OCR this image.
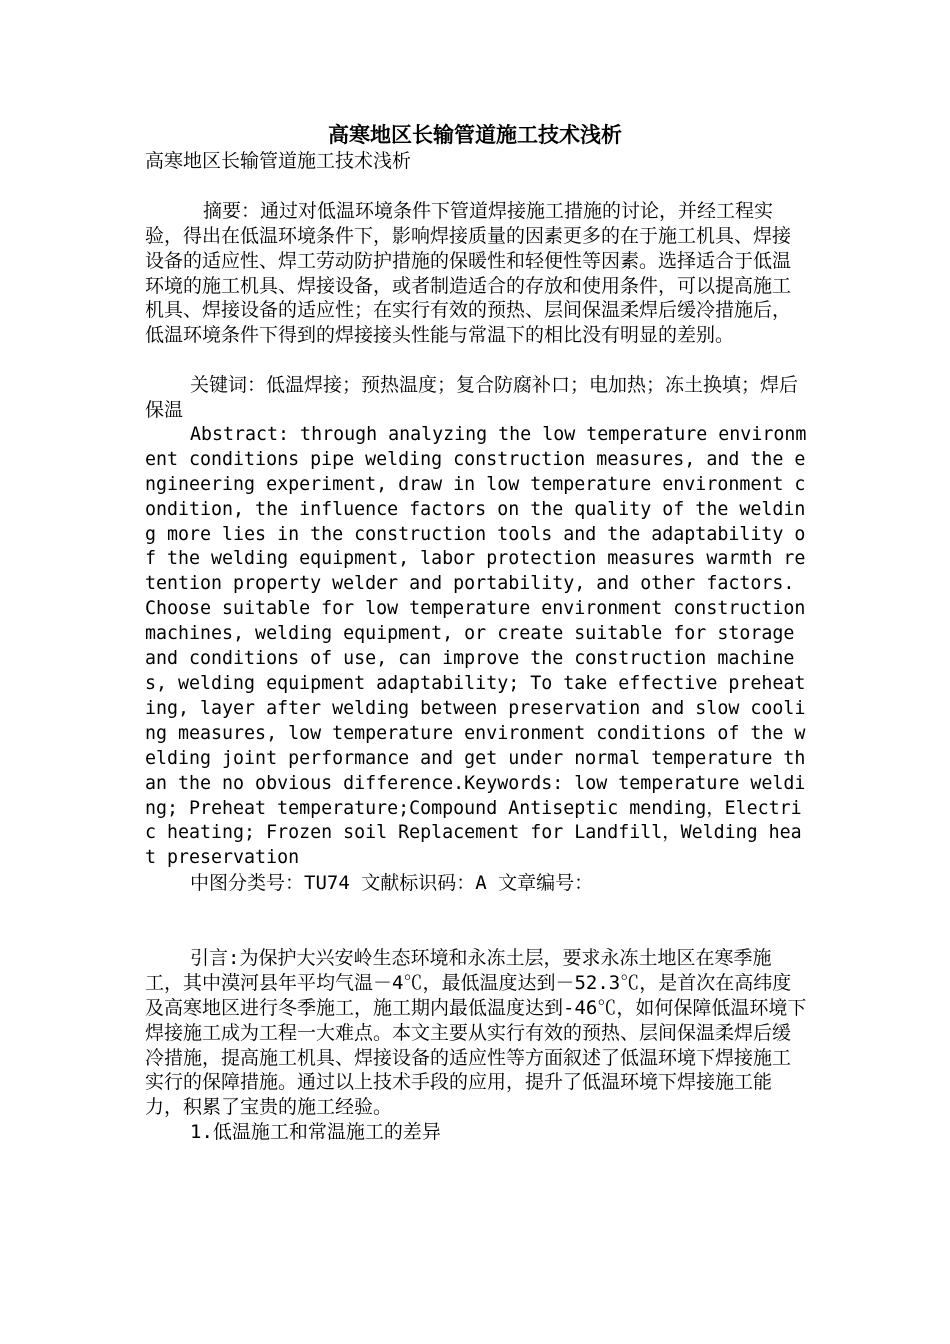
高寒地区长输管道施工技术浅析

高寒地区长输管道施工技术浅析

摘要：通过对低温环境条件下管道焊接施工措施的讨论，并经工程实验，得出在低温环境条件下，影响焊接质量的因素更多的在于施工机具、焊接设备的适应性、焊工劳动防护措施的保暖性和轻便性等因素。选择适合于低温环境的施工机具、焊接设备，或者制造适合的存放和使用条件，可以提高施工机具、焊接设备的适应性；在实行有效的预热、层间保温柔焊后缓冷措施后，低温环境条件下得到的焊接接头性能与常温下的相比没有明显的差别。

关键词：低温焊接；预热温度；复合防腐补口；电加热；冻土换填；焊后保温

Abstract: through analyzing the low temperature environment conditions pipe welding construction measures, and the engineering experiment, draw in low temperature environment condition, the influence factors on the quality of the welding more lies in the construction tools and the adaptability of the welding equipment, labor protection measures warmth retention property welder and portability, and other factors. Choose suitable for low temperature environment construction machines, welding equipment, or create suitable for storage and conditions of use, can improve the construction machines, welding equipment adaptability; To take effective preheating, layer after welding between preservation and slow cooling measures, low temperature environment conditions of the welding joint performance and get under normal temperature than the no obvious difference.Keywords: low temperature welding; Preheat temperature;Compound Antiseptic mending，Electric heating; Frozen soil Replacement for Landfill，Welding heat preservation

中图分类号：TU74 文献标识码：A 文章编号：

引言:为保护大兴安岭生态环境和永冻土层，要求永冻土地区在寒季施工，其中漠河县年平均气温－4℃，最低温度达到－52.3℃，是首次在高纬度及高寒地区进行冬季施工，施工期内最低温度达到-46℃，如何保障低温环境下焊接施工成为工程一大难点。本文主要从实行有效的预热、层间保温柔焊后缓冷措施，提高施工机具、焊接设备的适应性等方面叙述了低温环境下焊接施工实行的保障措施。通过以上技术手段的应用，提升了低温环境下焊接施工能力，积累了宝贵的施工经验。

1.低温施工和常温施工的差异
